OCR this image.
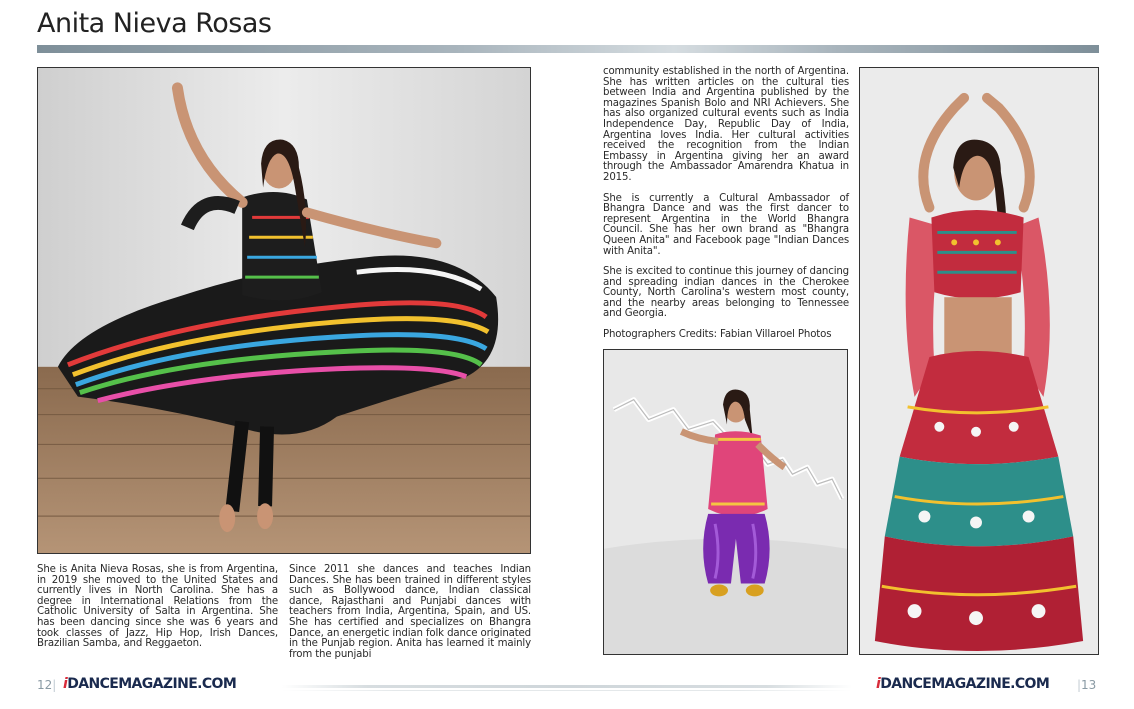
Anita Nieva Rosas

She is Anita Nieva Rosas, she is from Argentina, in 2019 she moved to the United States and currently lives in North Carolina. She has a degree in International Relations from the Catholic University of Salta in Argentina. She has been dancing since she was 6 years and took classes of Jazz, Hip Hop, Irish Dances, Brazilian Samba, and Reggaeton.

Since 2011 she dances and teaches Indian Dances. She has been trained in different styles such as Bollywood dance, Indian classical dance, Rajasthani and Punjabi dances with teachers from India, Argentina, Spain, and US. She has certified and specializes on Bhangra Dance, an energetic indian folk dance originated in the Punjab region. Anita has learned it mainly from the punjabi

community established in the north of Argentina. She has written articles on the cultural ties between India and Argentina published by the magazines Spanish Bolo and NRI Achievers. She has also organized cultural events such as India Independence Day, Republic Day of India, Argentina loves India. Her cultural activities received the recognition from the Indian Embassy in Argentina giving her an award through the Ambassador Amarendra Khatua in 2015.

She is currently a Cultural Ambassador of Bhangra Dance and was the first dancer to represent Argentina in the World Bhangra Council. She has her own brand as "Bhangra Queen Anita" and Facebook page "Indian Dances with Anita".

She is excited to continue this journey of dancing and spreading indian dances in the Cherokee County, North Carolina's western most county, and the nearby areas belonging to Tennessee and Georgia.

Photographers Credits: Fabian Villaroel Photos

12| iDANCEMAGAZINE.COM	iDANCEMAGAZINE.COM |13
